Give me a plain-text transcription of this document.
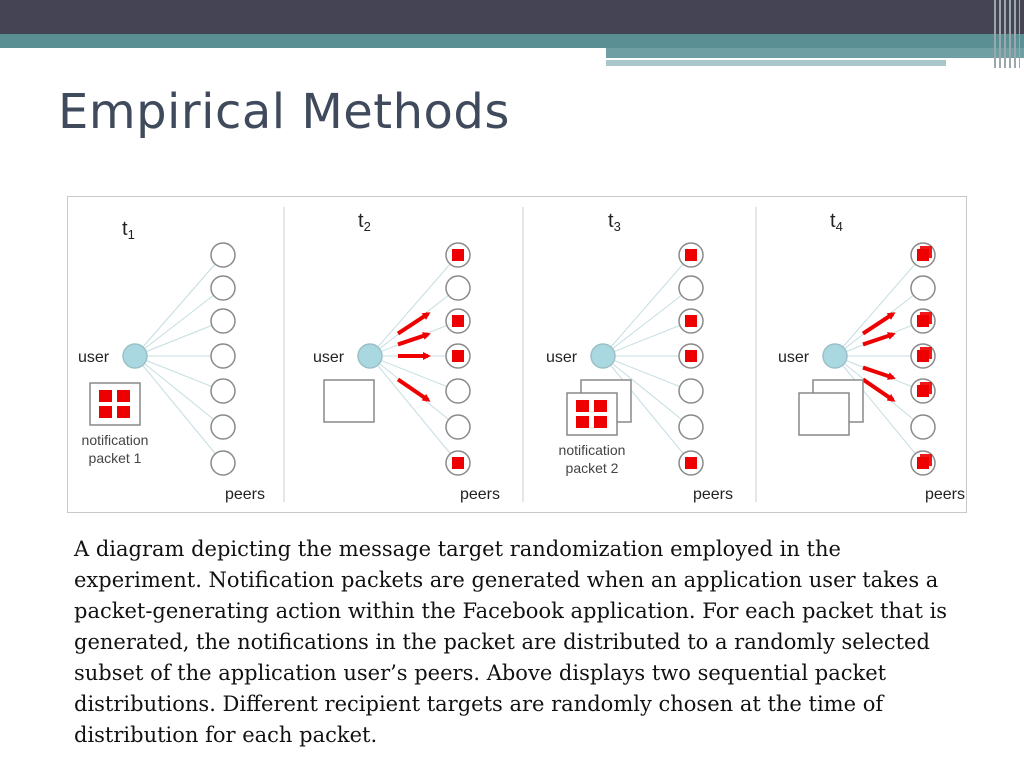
Empirical Methods
$t_1$
user
peers
notification
packet 1
$t_2$
user
peers
$t_3$
user
peers
notification
packet 2
$t_4$
user
peers

A diagram depicting the message target randomization employed in the experiment. Notification packets are generated when an application user takes a packet-generating action within the Facebook application. For each packet that is generated, the notifications in the packet are distributed to a randomly selected subset of the application user’s peers. Above displays two sequential packet distributions. Different recipient targets are randomly chosen at the time of distribution for each packet.
